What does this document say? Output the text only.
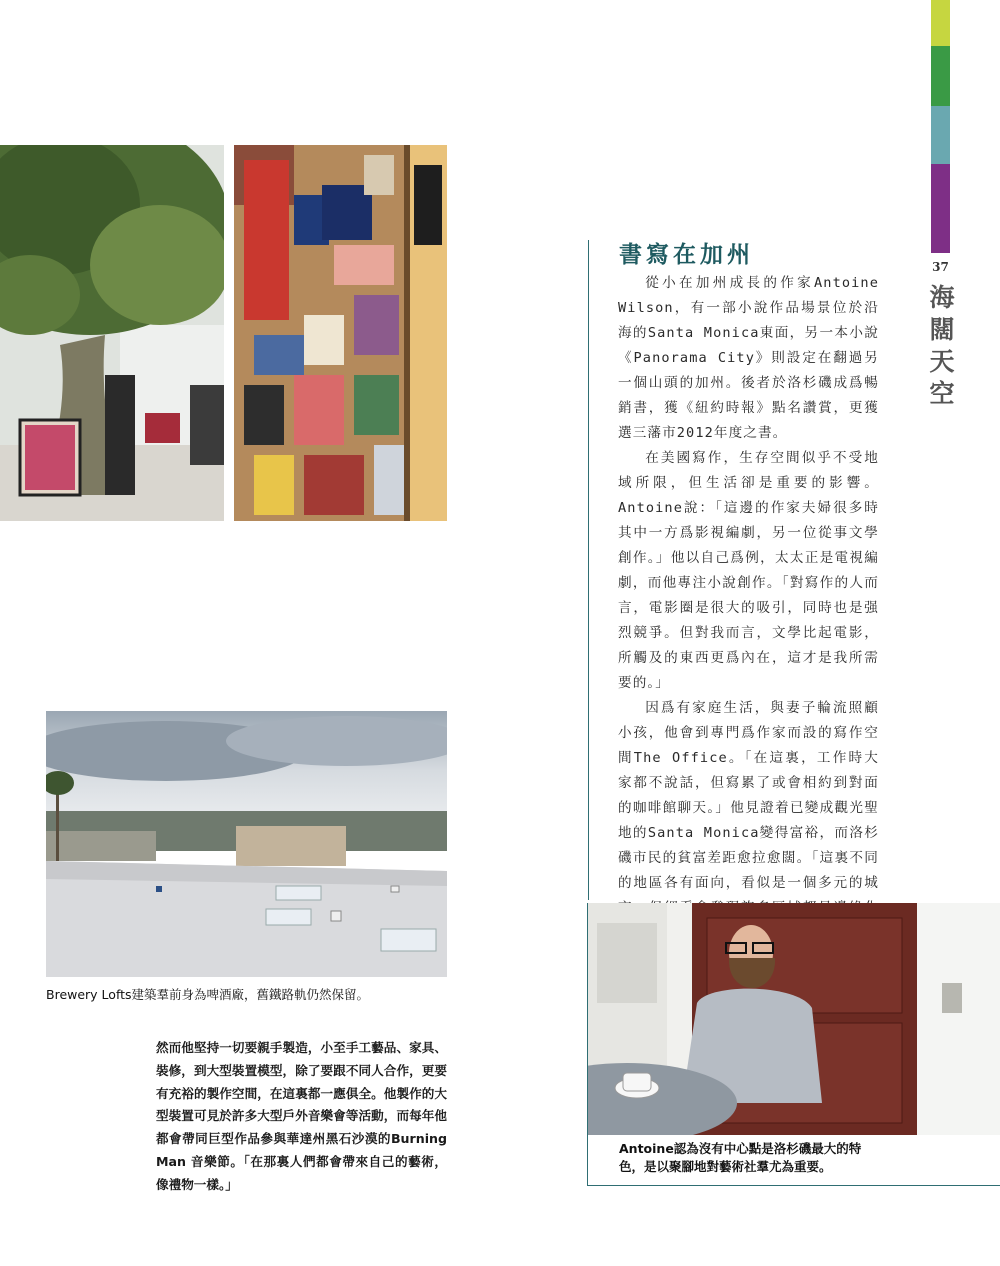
37
海
闊
天
空
Brewery Lofts建築羣前身為啤酒廠，舊鐵路軌仍然保留。
書寫在加州

從小在加州成長的作家Antoine Wilson，有一部小說作品場景位於沿海的Santa Monica東面，另一本小說《Panorama City》則設定在翻過另一個山頭的加州。後者於洛杉磯成爲暢銷書，獲《紐約時報》點名讚賞，更獲選三藩市2012年度之書。

在美國寫作，生存空間似乎不受地域所限，但生活卻是重要的影響。Antoine說：「這邊的作家夫婦很多時其中一方爲影視編劇，另一位從事文學創作。」他以自己爲例，太太正是電視編劇，而他專注小說創作。「對寫作的人而言，電影圈是很大的吸引，同時也是强烈競爭。但對我而言，文學比起電影，所觸及的東西更爲內在，這才是我所需要的。」

因爲有家庭生活，與妻子輪流照顧小孩，他會到專門爲作家而設的寫作空間The Office。「在這裏，工作時大家都不說話，但寫累了或會相約到對面的咖啡館聊天。」他見證着已變成觀光聖地的Santa Monica變得富裕，而洛杉磯市民的貧富差距愈拉愈闊。「這裏不同的地區各有面向，看似是一個多元的城

Antoine認為沒有中心點是洛杉磯最大的特
色，是以聚腳地對藝術社羣尤為重要。

然而他堅持一切要親手製造，小至手工藝品、家具、裝修，到大型裝置模型，除了要跟不同人合作，更要有充裕的製作空間，在這裏都一應俱全。他製作的大型裝置可見於許多大型戶外音樂會等活動，而每年他都會帶同巨型作品參與華達州黑石沙漠的Burning Man 音樂節。「在那裏人們都會帶來自己的藝術，像禮物一樣。」
